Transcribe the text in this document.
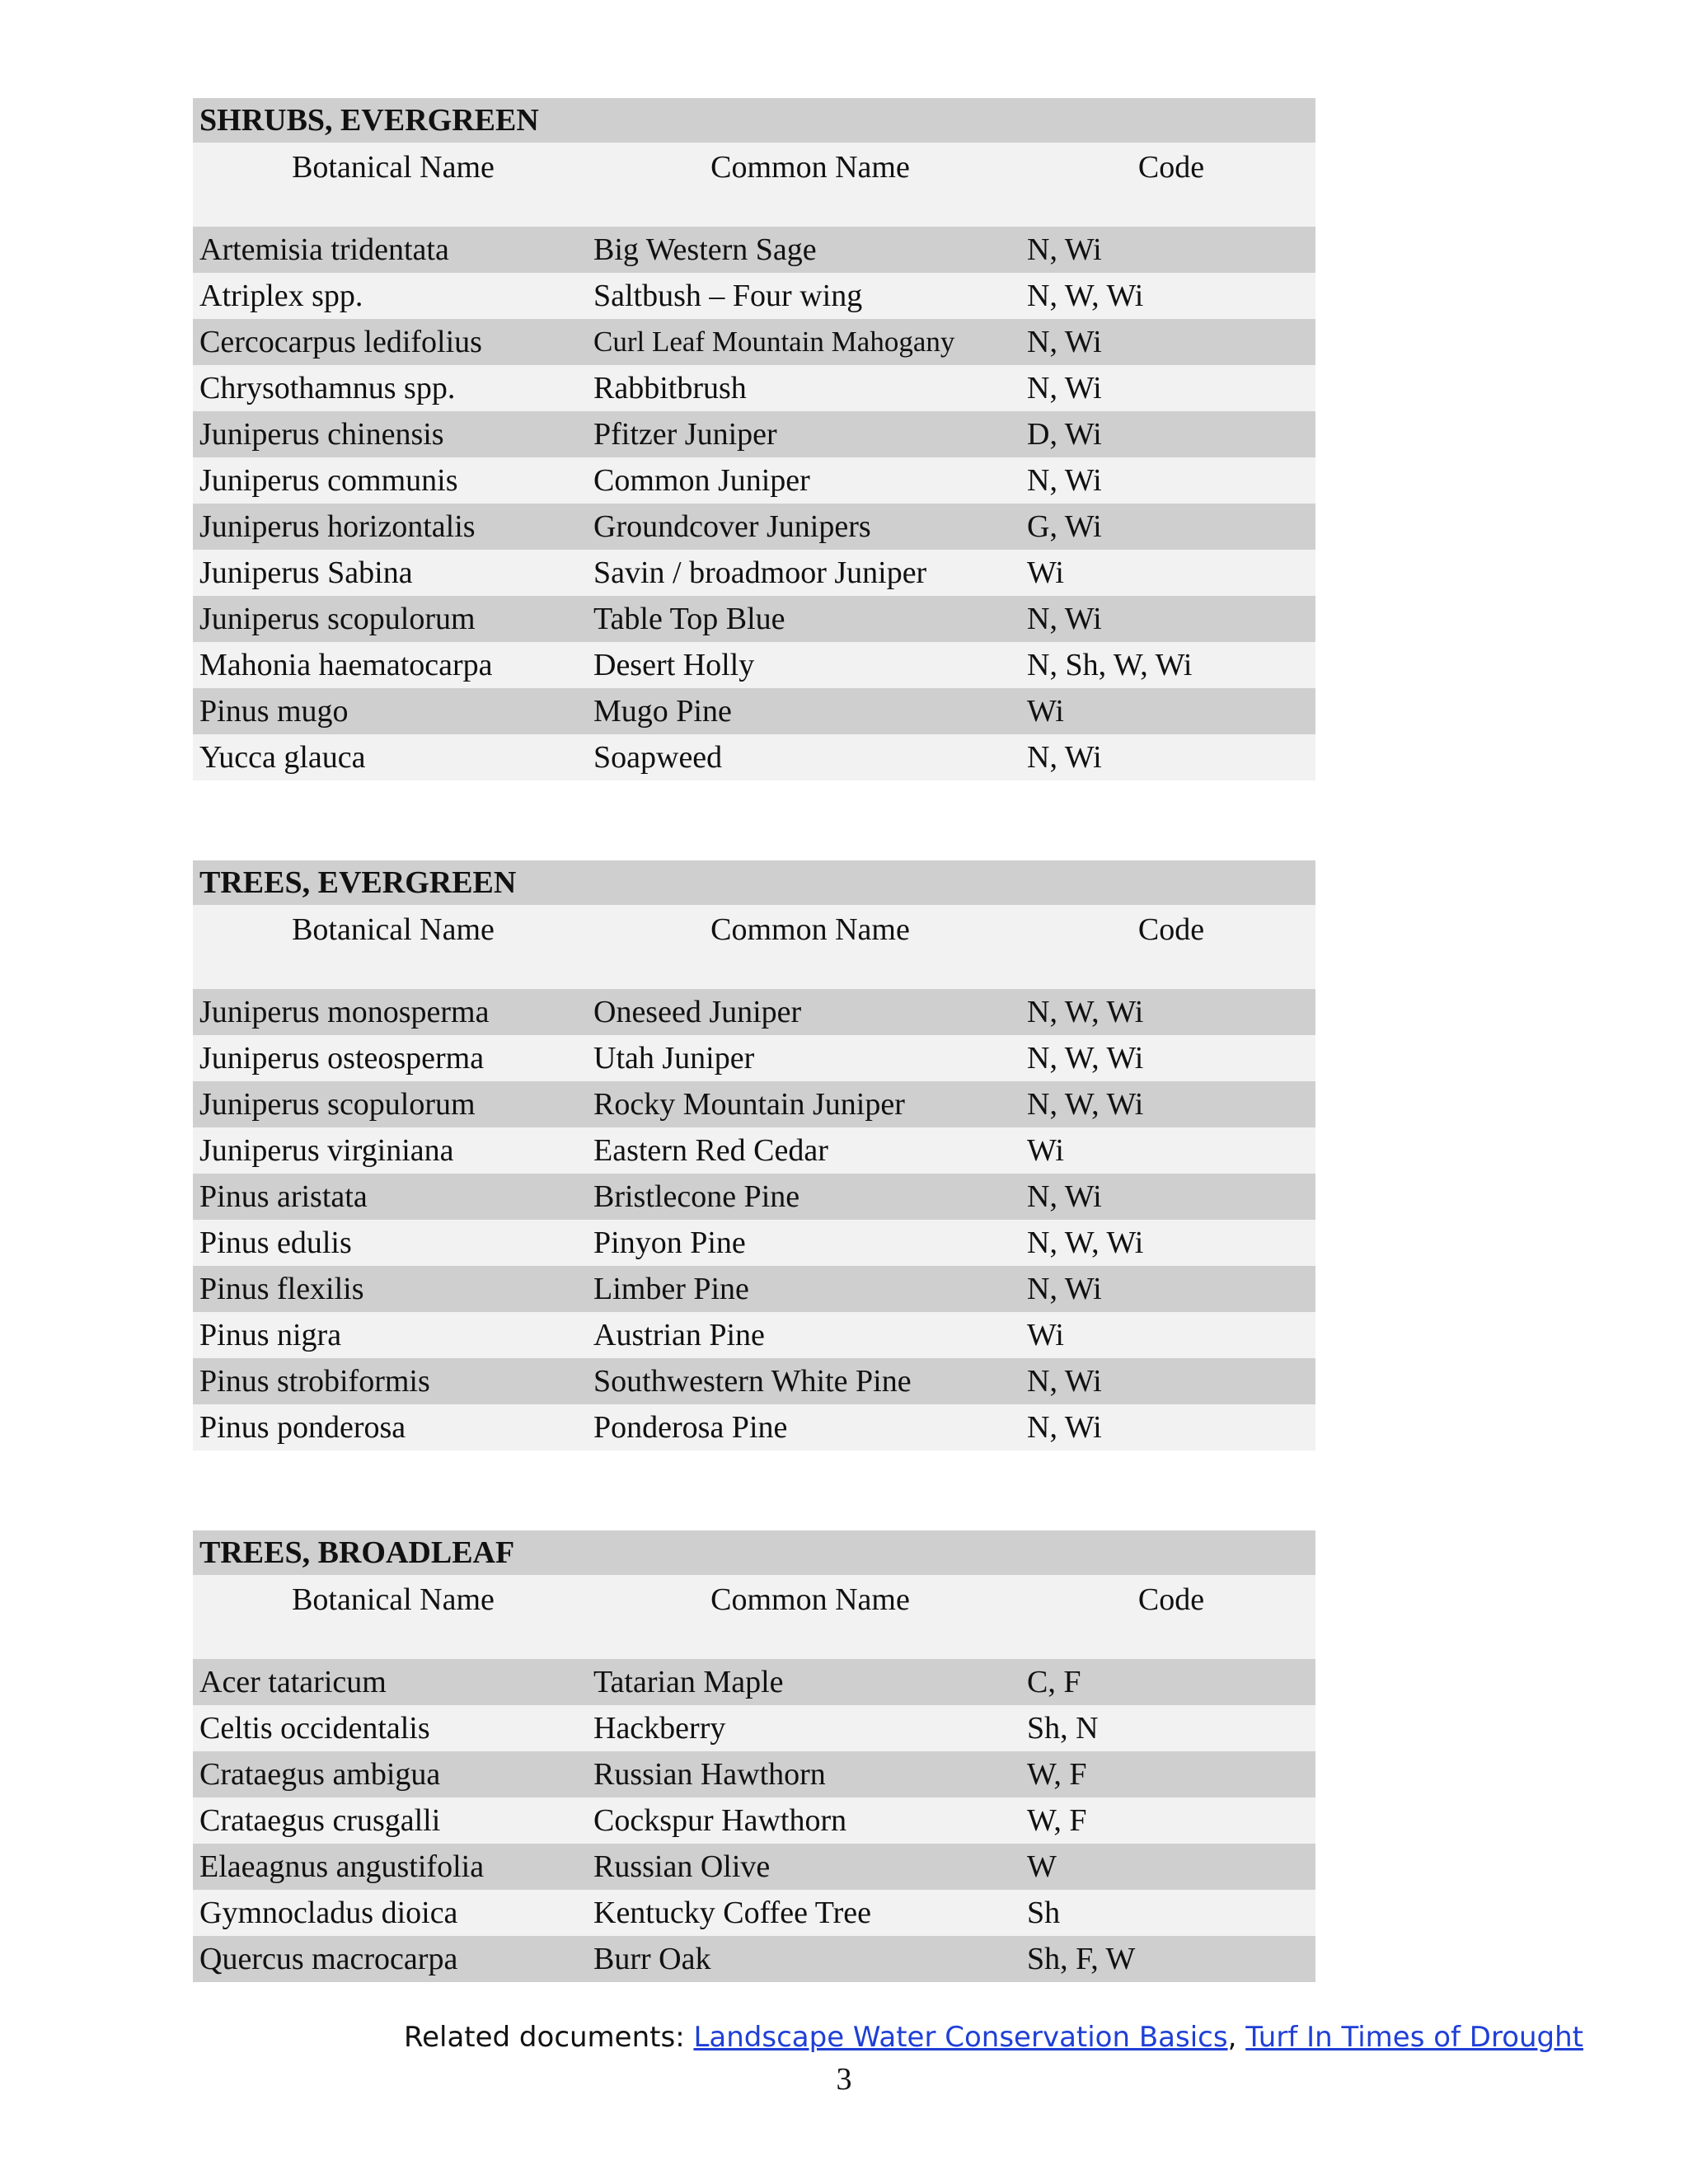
SHRUBS, EVERGREEN
Botanical Name	Common Name	Code
Artemisia tridentata	Big Western Sage	N, Wi
Atriplex spp.	Saltbush – Four wing	N, W, Wi
Cercocarpus ledifolius	Curl Leaf Mountain Mahogany	N, Wi
Chrysothamnus spp.	Rabbitbrush	N, Wi
Juniperus chinensis	Pfitzer Juniper	D, Wi
Juniperus communis	Common Juniper	N, Wi
Juniperus horizontalis	Groundcover Junipers	G, Wi
Juniperus Sabina	Savin / broadmoor Juniper	Wi
Juniperus scopulorum	Table Top Blue	N, Wi
Mahonia haematocarpa	Desert Holly	N, Sh, W, Wi
Pinus mugo	Mugo Pine	Wi
Yucca glauca	Soapweed	N, Wi
TREES, EVERGREEN
Botanical Name	Common Name	Code
Juniperus monosperma	Oneseed Juniper	N, W, Wi
Juniperus osteosperma	Utah Juniper	N, W, Wi
Juniperus scopulorum	Rocky Mountain Juniper	N, W, Wi
Juniperus virginiana	Eastern Red Cedar	Wi
Pinus aristata	Bristlecone Pine	N, Wi
Pinus edulis	Pinyon Pine	N, W, Wi
Pinus flexilis	Limber Pine	N, Wi
Pinus nigra	Austrian Pine	Wi
Pinus strobiformis	Southwestern White Pine	N, Wi
Pinus ponderosa	Ponderosa Pine	N, Wi
TREES, BROADLEAF
Botanical Name	Common Name	Code
Acer tataricum	Tatarian Maple	C, F
Celtis occidentalis	Hackberry	Sh, N
Crataegus ambigua	Russian Hawthorn	W, F
Crataegus crusgalli	Cockspur Hawthorn	W, F
Elaeagnus angustifolia	Russian Olive	W
Gymnocladus dioica	Kentucky Coffee Tree	Sh
Quercus macrocarpa	Burr Oak	Sh, F, W
Related documents: Landscape Water Conservation Basics, Turf In Times of Drought
3
